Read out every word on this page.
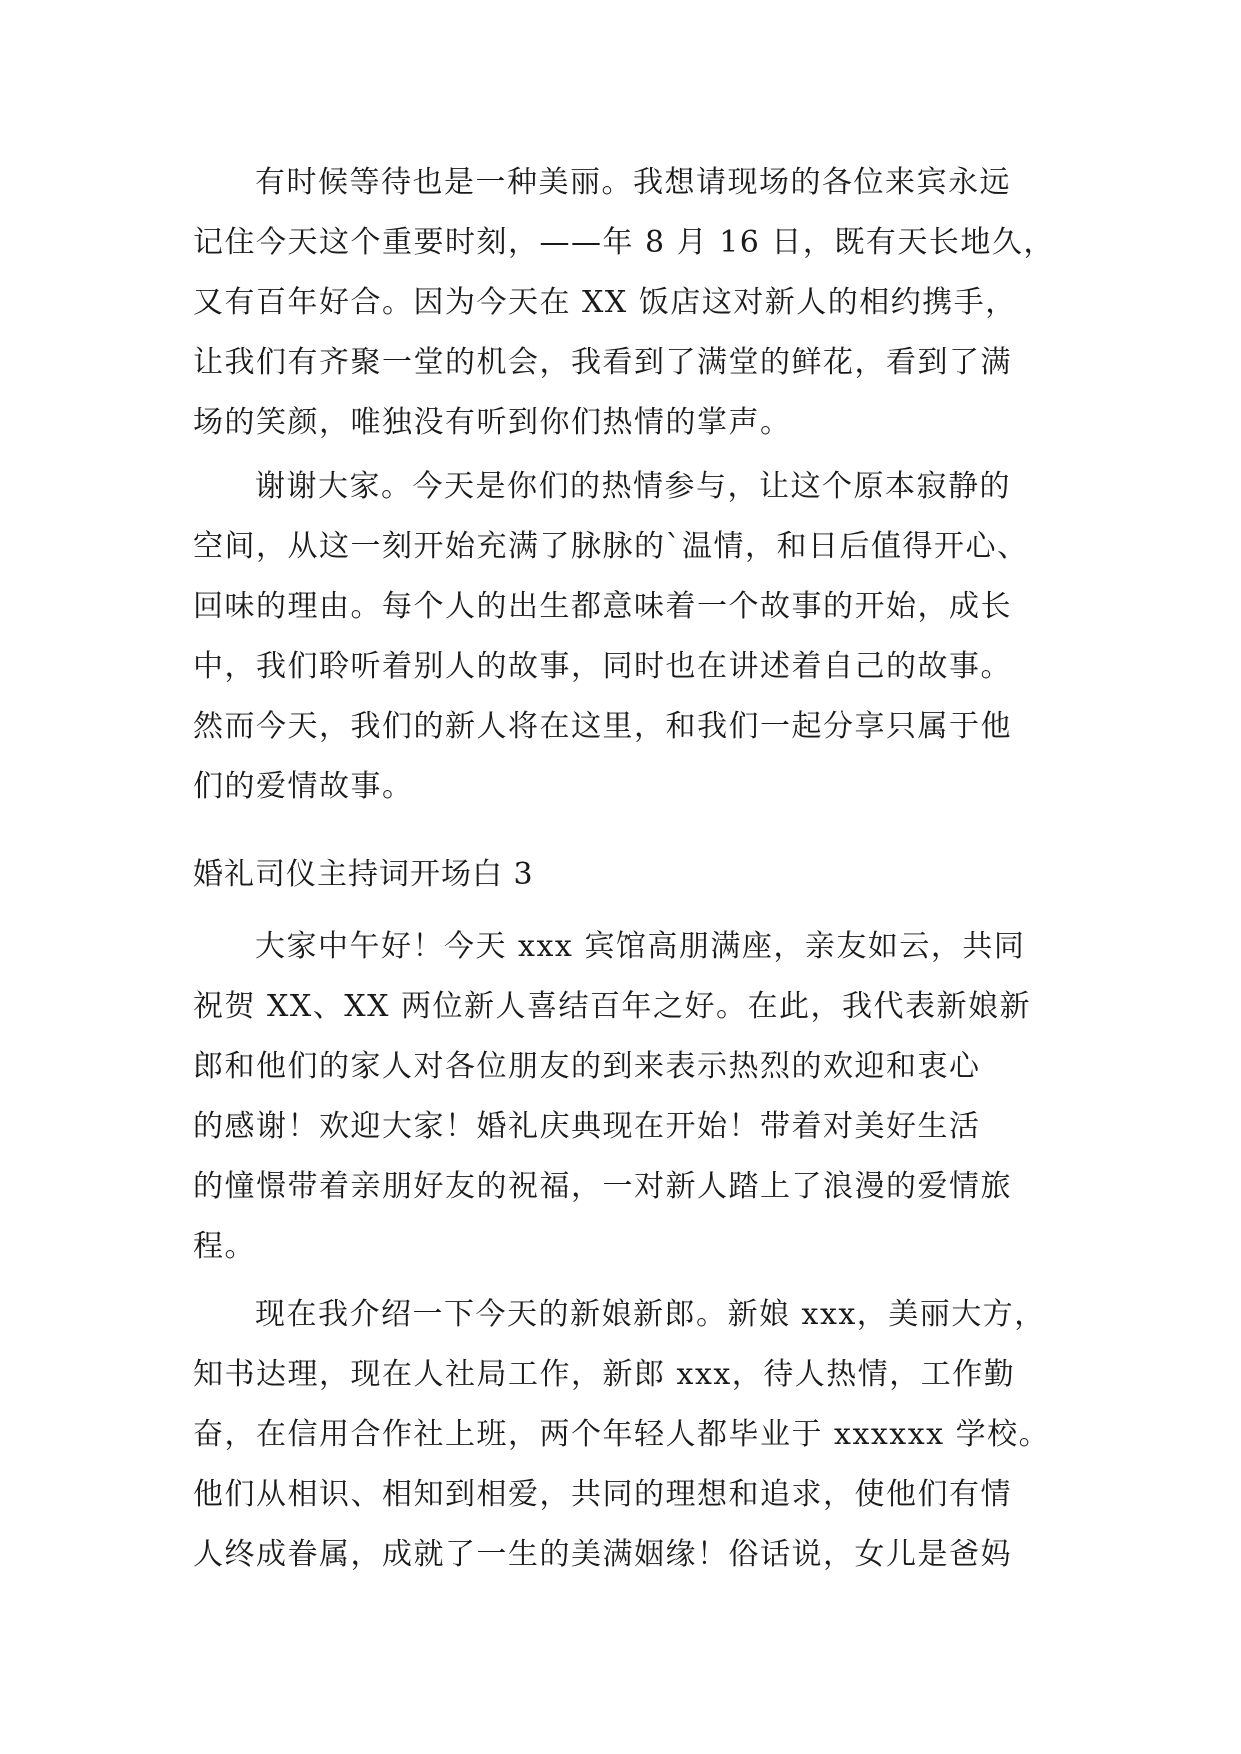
有时候等待也是一种美丽。我想请现场的各位来宾永远
记住今天这个重要时刻，——年 8 月 16 日，既有天长地久，
又有百年好合。因为今天在 XX 饭店这对新人的相约携手，
让我们有齐聚一堂的机会，我看到了满堂的鲜花，看到了满
场的笑颜，唯独没有听到你们热情的掌声。
谢谢大家。今天是你们的热情参与，让这个原本寂静的
空间，从这一刻开始充满了脉脉的`温情，和日后值得开心、
回味的理由。每个人的出生都意味着一个故事的开始，成长
中，我们聆听着别人的故事，同时也在讲述着自己的故事。
然而今天，我们的新人将在这里，和我们一起分享只属于他
们的爱情故事。
婚礼司仪主持词开场白 3
大家中午好！今天 xxx 宾馆高朋满座，亲友如云，共同
祝贺 XX、XX 两位新人喜结百年之好。在此，我代表新娘新
郎和他们的家人对各位朋友的到来表示热烈的欢迎和衷心
的感谢！欢迎大家！婚礼庆典现在开始！带着对美好生活
的憧憬带着亲朋好友的祝福，一对新人踏上了浪漫的爱情旅
程。
现在我介绍一下今天的新娘新郎。新娘 xxx，美丽大方，
知书达理，现在人社局工作，新郎 xxx，待人热情，工作勤
奋，在信用合作社上班，两个年轻人都毕业于 xxxxxx 学校。
他们从相识、相知到相爱，共同的理想和追求，使他们有情
人终成眷属，成就了一生的美满姻缘！俗话说，女儿是爸妈
